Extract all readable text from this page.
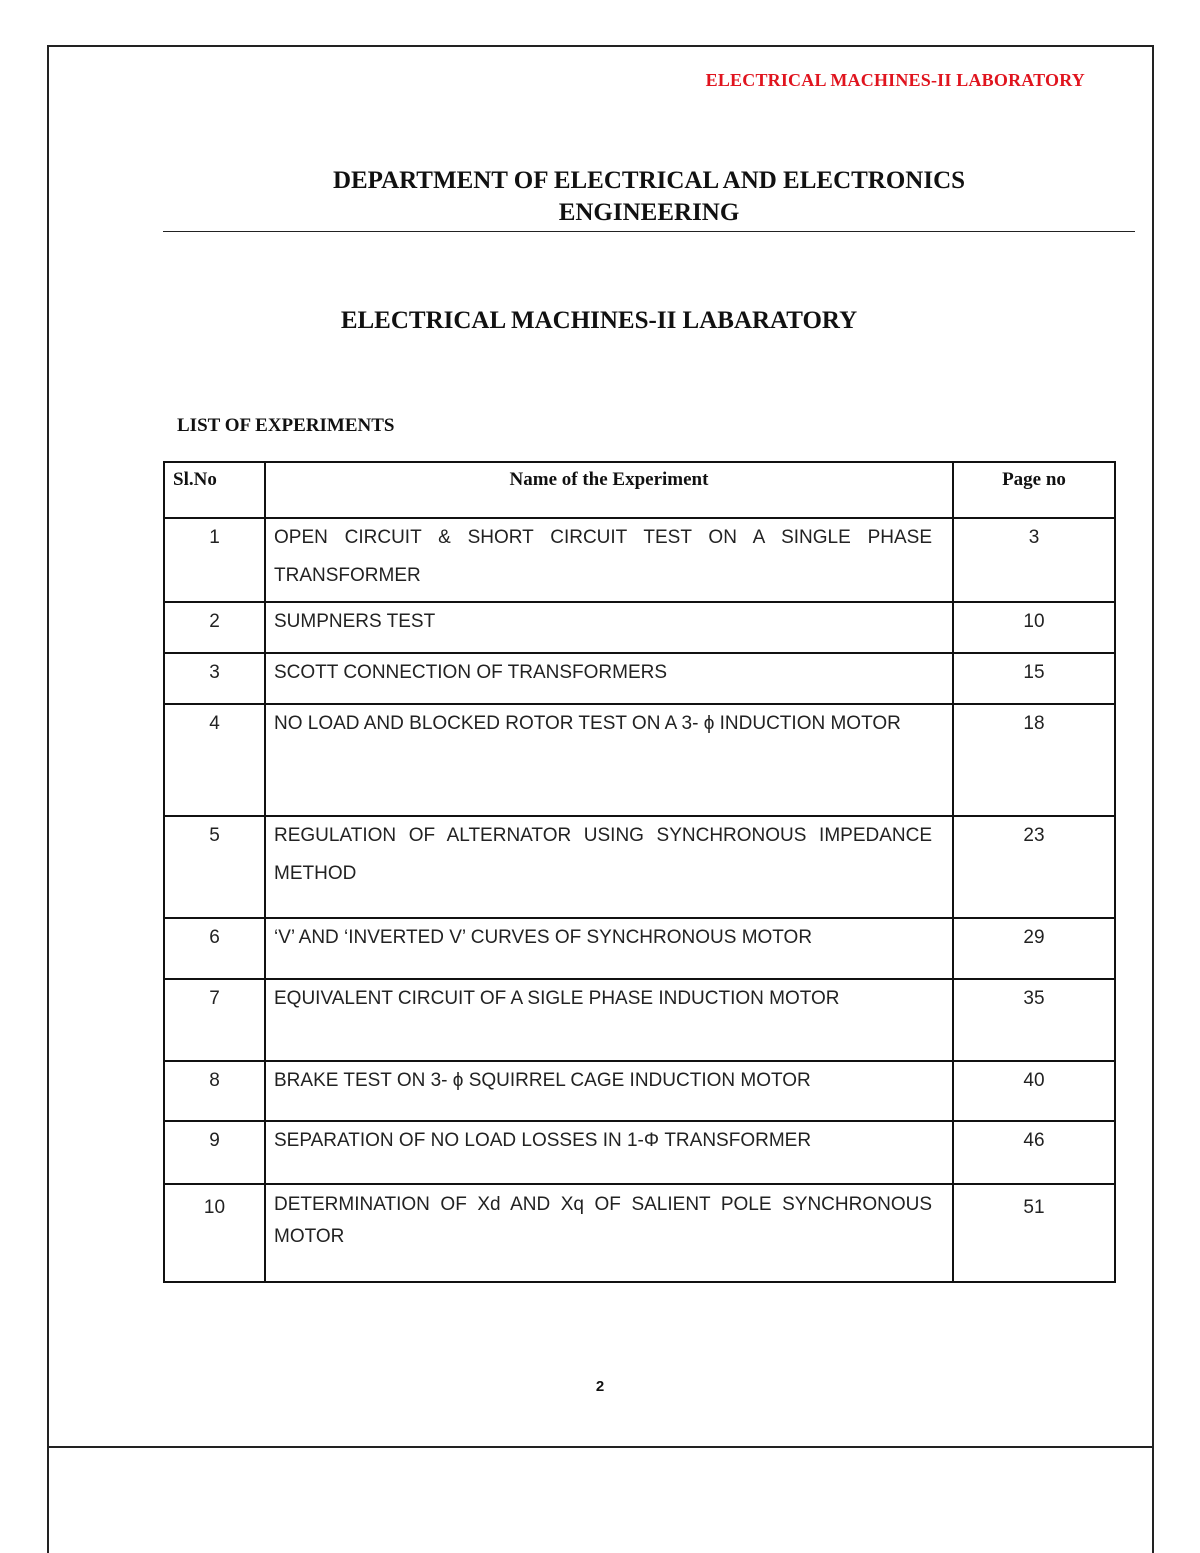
ELECTRICAL MACHINES-II LABORATORY
DEPARTMENT OF ELECTRICAL AND ELECTRONICS
ENGINEERING
ELECTRICAL MACHINES-II LABARATORY
LIST OF EXPERIMENTS
Sl.No	Name of the Experiment	Page no
1	OPEN CIRCUIT & SHORT CIRCUIT TEST ON A SINGLE PHASE TRANSFORMER	3
2	SUMPNERS TEST	10
3	SCOTT CONNECTION OF TRANSFORMERS	15
4	NO LOAD AND BLOCKED ROTOR TEST ON A 3- ϕ INDUCTION MOTOR	18
5	REGULATION OF ALTERNATOR USING SYNCHRONOUS IMPEDANCE METHOD	23
6	‘V’ AND ‘INVERTED V’ CURVES OF SYNCHRONOUS MOTOR	29
7	EQUIVALENT CIRCUIT OF A SIGLE PHASE INDUCTION MOTOR	35
8	BRAKE TEST ON 3- ϕ SQUIRREL CAGE INDUCTION MOTOR	40
9	SEPARATION OF NO LOAD LOSSES IN 1-Φ TRANSFORMER	46
10	DETERMINATION OF Xd AND Xq OF SALIENT POLE SYNCHRONOUS MOTOR	51
2
